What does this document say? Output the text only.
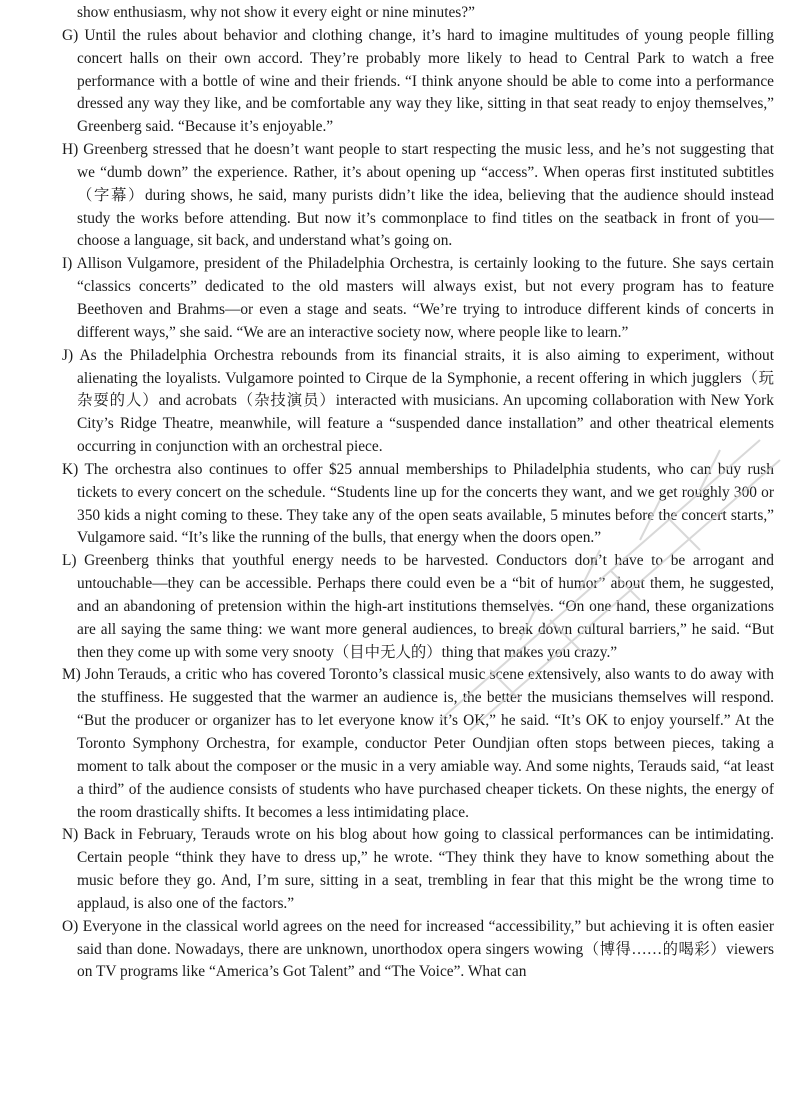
show enthusiasm, why not show it every eight or nine minutes?”
G) Until the rules about behavior and clothing change, it’s hard to imagine multitudes of young people filling concert halls on their own accord. They’re probably more likely to head to Central Park to watch a free performance with a bottle of wine and their friends. “I think anyone should be able to come into a performance dressed any way they like, and be comfortable any way they like, sitting in that seat ready to enjoy themselves,” Greenberg said. “Because it’s enjoyable.”
H) Greenberg stressed that he doesn’t want people to start respecting the music less, and he’s not suggesting that we “dumb down” the experience. Rather, it’s about opening up “access”. When operas first instituted subtitles（字幕）during shows, he said, many purists didn’t like the idea, believing that the audience should instead study the works before attending. But now it’s commonplace to find titles on the seatback in front of you—choose a language, sit back, and understand what’s going on.
I) Allison Vulgamore, president of the Philadelphia Orchestra, is certainly looking to the future. She says certain “classics concerts” dedicated to the old masters will always exist, but not every program has to feature Beethoven and Brahms—or even a stage and seats. “We’re trying to introduce different kinds of concerts in different ways,” she said. “We are an interactive society now, where people like to learn.”
J) As the Philadelphia Orchestra rebounds from its financial straits, it is also aiming to experiment, without alienating the loyalists. Vulgamore pointed to Cirque de la Symphonie, a recent offering in which jugglers（玩杂耍的人）and acrobats（杂技演员）interacted with musicians. An upcoming collaboration with New York City’s Ridge Theatre, meanwhile, will feature a “suspended dance installation” and other theatrical elements occurring in conjunction with an orchestral piece.
K) The orchestra also continues to offer $25 annual memberships to Philadelphia students, who can buy rush tickets to every concert on the schedule. “Students line up for the concerts they want, and we get roughly 300 or 350 kids a night coming to these. They take any of the open seats available, 5 minutes before the concert starts,” Vulgamore said. “It’s like the running of the bulls, that energy when the doors open.”
L) Greenberg thinks that youthful energy needs to be harvested. Conductors don’t have to be arrogant and untouchable—they can be accessible. Perhaps there could even be a “bit of humor” about them, he suggested, and an abandoning of pretension within the high-art institutions themselves. “On one hand, these organizations are all saying the same thing: we want more general audiences, to break down cultural barriers,” he said. “But then they come up with some very snooty（目中无人的）thing that makes you crazy.”
M) John Terauds, a critic who has covered Toronto’s classical music scene extensively, also wants to do away with the stuffiness. He suggested that the warmer an audience is, the better the musicians themselves will respond. “But the producer or organizer has to let everyone know it’s OK,” he said. “It’s OK to enjoy yourself.” At the Toronto Symphony Orchestra, for example, conductor Peter Oundjian often stops between pieces, taking a moment to talk about the composer or the music in a very amiable way. And some nights, Terauds said, “at least a third” of the audience consists of students who have purchased cheaper tickets. On these nights, the energy of the room drastically shifts. It becomes a less intimidating place.
N) Back in February, Terauds wrote on his blog about how going to classical performances can be intimidating. Certain people “think they have to dress up,” he wrote. “They think they have to know something about the music before they go. And, I’m sure, sitting in a seat, trembling in fear that this might be the wrong time to applaud, is also one of the factors.”
O) Everyone in the classical world agrees on the need for increased “accessibility,” but achieving it is often easier said than done. Nowadays, there are unknown, unorthodox opera singers wowing（博得……的喝彩）viewers on TV programs like “America’s Got Talent” and “The Voice”. What can
